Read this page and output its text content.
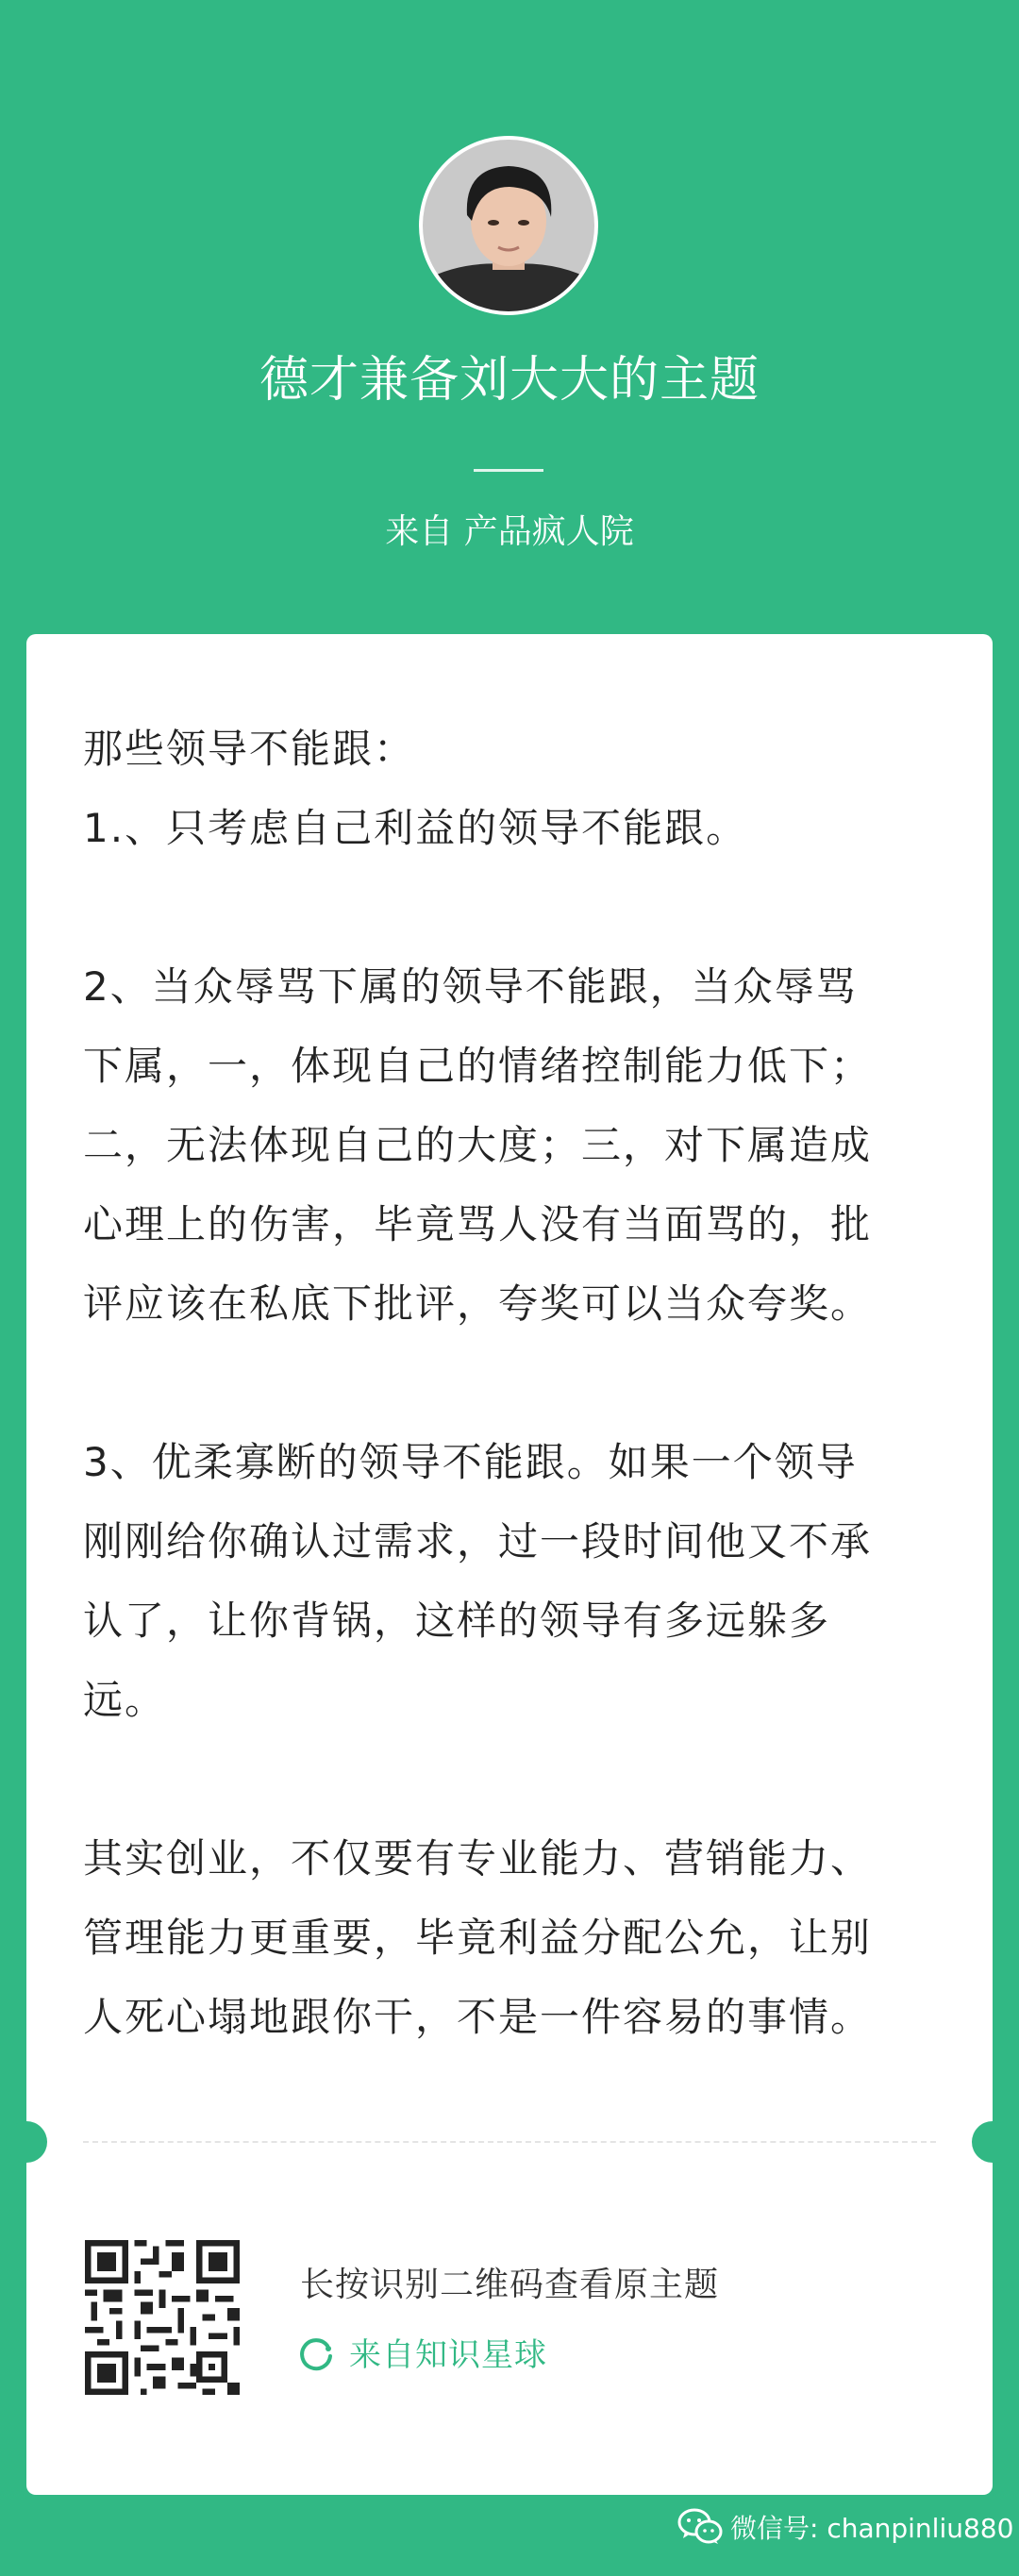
德才兼备刘大大的主题
来自 产品疯人院

那些领导不能跟：

1.、只考虑自己利益的领导不能跟。

2、当众辱骂下属的领导不能跟，当众辱骂

下属，一，体现自己的情绪控制能力低下；

二，无法体现自己的大度；三，对下属造成

心理上的伤害，毕竟骂人没有当面骂的，批

评应该在私底下批评，夸奖可以当众夸奖。

3、优柔寡断的领导不能跟。如果一个领导

刚刚给你确认过需求，过一段时间他又不承

认了，让你背锅，这样的领导有多远躲多

远。

其实创业，不仅要有专业能力、营销能力、

管理能力更重要，毕竟利益分配公允，让别

人死心塌地跟你干，不是一件容易的事情。

长按识别二维码查看原主题
来自知识星球
微信号: chanpinliu880
